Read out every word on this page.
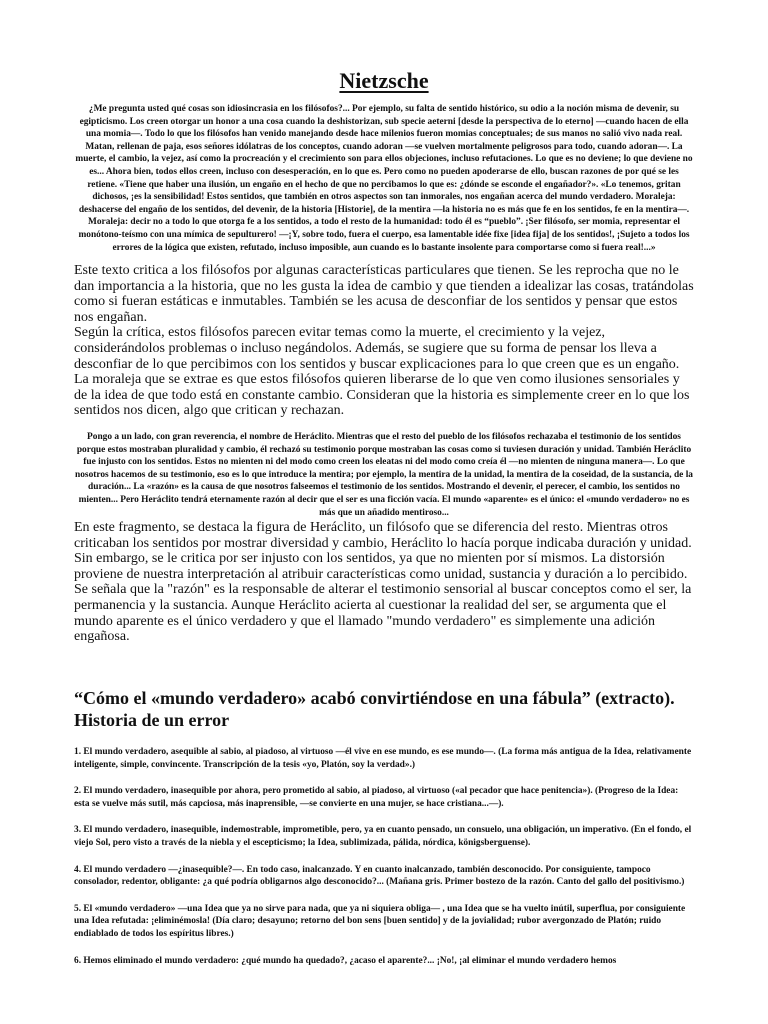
Nietzsche
¿Me pregunta usted qué cosas son idiosincrasia en los filósofos?... Por ejemplo, su falta de sentido histórico, su odio a la noción misma de devenir, su egipticismo. Los creen otorgar un honor a una cosa cuando la deshistorizan, sub specie aeterni [desde la perspectiva de lo eterno] —cuando hacen de ella una momia—. Todo lo que los filósofos han venido manejando desde hace milenios fueron momias conceptuales; de sus manos no salió vivo nada real. Matan, rellenan de paja, esos señores idólatras de los conceptos, cuando adoran —se vuelven mortalmente peligrosos para todo, cuando adoran—. La muerte, el cambio, la vejez, así como la procreación y el crecimiento son para ellos objeciones, incluso refutaciones. Lo que es no deviene; lo que deviene no es... Ahora bien, todos ellos creen, incluso con desesperación, en lo que es. Pero como no pueden apoderarse de ello, buscan razones de por qué se les retiene. «Tiene que haber una ilusión, un engaño en el hecho de que no percibamos lo que es: ¿dónde se esconde el engañador?». «Lo tenemos, gritan dichosos, ¡es la sensibilidad! Estos sentidos, que también en otros aspectos son tan inmorales, nos engañan acerca del mundo verdadero. Moraleja: deshacerse del engaño de los sentidos, del devenir, de la historia [Historie], de la mentira —la historia no es más que fe en los sentidos, fe en la mentira—. Moraleja: decir no a todo lo que otorga fe a los sentidos, a todo el resto de la humanidad: todo él es “pueblo”. ¡Ser filósofo, ser momia, representar el monótono-teísmo con una mímica de sepulturero! —¡Y, sobre todo, fuera el cuerpo, esa lamentable idée fixe [idea fija] de los sentidos!, ¡Sujeto a todos los errores de la lógica que existen, refutado, incluso imposible, aun cuando es lo bastante insolente para comportarse como si fuera real!...»

Este texto critica a los filósofos por algunas características particulares que tienen. Se les reprocha que no le dan importancia a la historia, que no les gusta la idea de cambio y que tienden a idealizar las cosas, tratándolas como si fueran estáticas e inmutables. También se les acusa de desconfiar de los sentidos y pensar que estos nos engañan.

Según la crítica, estos filósofos parecen evitar temas como la muerte, el crecimiento y la vejez, considerándolos problemas o incluso negándolos. Además, se sugiere que su forma de pensar los lleva a desconfiar de lo que percibimos con los sentidos y buscar explicaciones para lo que creen que es un engaño.

La moraleja que se extrae es que estos filósofos quieren liberarse de lo que ven como ilusiones sensoriales y de la idea de que todo está en constante cambio. Consideran que la historia es simplemente creer en lo que los sentidos nos dicen, algo que critican y rechazan.

Pongo a un lado, con gran reverencia, el nombre de Heráclito. Mientras que el resto del pueblo de los filósofos rechazaba el testimonio de los sentidos porque estos mostraban pluralidad y cambio, él rechazó su testimonio porque mostraban las cosas como si tuviesen duración y unidad. También Heráclito fue injusto con los sentidos. Estos no mienten ni del modo como creen los eleatas ni del modo como creía él —no mienten de ninguna manera—. Lo que nosotros hacemos de su testimonio, eso es lo que introduce la mentira; por ejemplo, la mentira de la unidad, la mentira de la coseidad, de la sustancia, de la duración... La «razón» es la causa de que nosotros falseemos el testimonio de los sentidos. Mostrando el devenir, el perecer, el cambio, los sentidos no mienten... Pero Heráclito tendrá eternamente razón al decir que el ser es una ficción vacía. El mundo «aparente» es el único: el «mundo verdadero» no es más que un añadido mentiroso...

En este fragmento, se destaca la figura de Heráclito, un filósofo que se diferencia del resto. Mientras otros criticaban los sentidos por mostrar diversidad y cambio, Heráclito lo hacía porque indicaba duración y unidad.

Sin embargo, se le critica por ser injusto con los sentidos, ya que no mienten por sí mismos. La distorsión proviene de nuestra interpretación al atribuir características como unidad, sustancia y duración a lo percibido.

Se señala que la "razón" es la responsable de alterar el testimonio sensorial al buscar conceptos como el ser, la permanencia y la sustancia. Aunque Heráclito acierta al cuestionar la realidad del ser, se argumenta que el mundo aparente es el único verdadero y que el llamado "mundo verdadero" es simplemente una adición engañosa.

“Cómo el «mundo verdadero» acabó convirtiéndose en una fábula” (extracto). Historia de un error

1. El mundo verdadero, asequible al sabio, al piadoso, al virtuoso —él vive en ese mundo, es ese mundo—. (La forma más antigua de la Idea, relativamente inteligente, simple, convincente. Transcripción de la tesis «yo, Platón, soy la verdad».)

2. El mundo verdadero, inasequible por ahora, pero prometido al sabio, al piadoso, al virtuoso («al pecador que hace penitencia»). (Progreso de la Idea: esta se vuelve más sutil, más capciosa, más inaprensible, —se convierte en una mujer, se hace cristiana...—).

3. El mundo verdadero, inasequible, indemostrable, imprometible, pero, ya en cuanto pensado, un consuelo, una obligación, un imperativo. (En el fondo, el viejo Sol, pero visto a través de la niebla y el escepticismo; la Idea, sublimizada, pálida, nórdica, königsberguense).

4. El mundo verdadero —¿inasequible?—. En todo caso, inalcanzado. Y en cuanto inalcanzado, también desconocido. Por consiguiente, tampoco consolador, redentor, obligante: ¿a qué podría obligarnos algo desconocido?... (Mañana gris. Primer bostezo de la razón. Canto del gallo del positivismo.)

5. El «mundo verdadero» —una Idea que ya no sirve para nada, que ya ni siquiera obliga— , una Idea que se ha vuelto inútil, superflua, por consiguiente una Idea refutada: ¡eliminémosla! (Día claro; desayuno; retorno del bon sens [buen sentido] y de la jovialidad; rubor avergonzado de Platón; ruido endiablado de todos los espíritus libres.)

6. Hemos eliminado el mundo verdadero: ¿qué mundo ha quedado?, ¿acaso el aparente?... ¡No!, ¡al eliminar el mundo verdadero hemos
